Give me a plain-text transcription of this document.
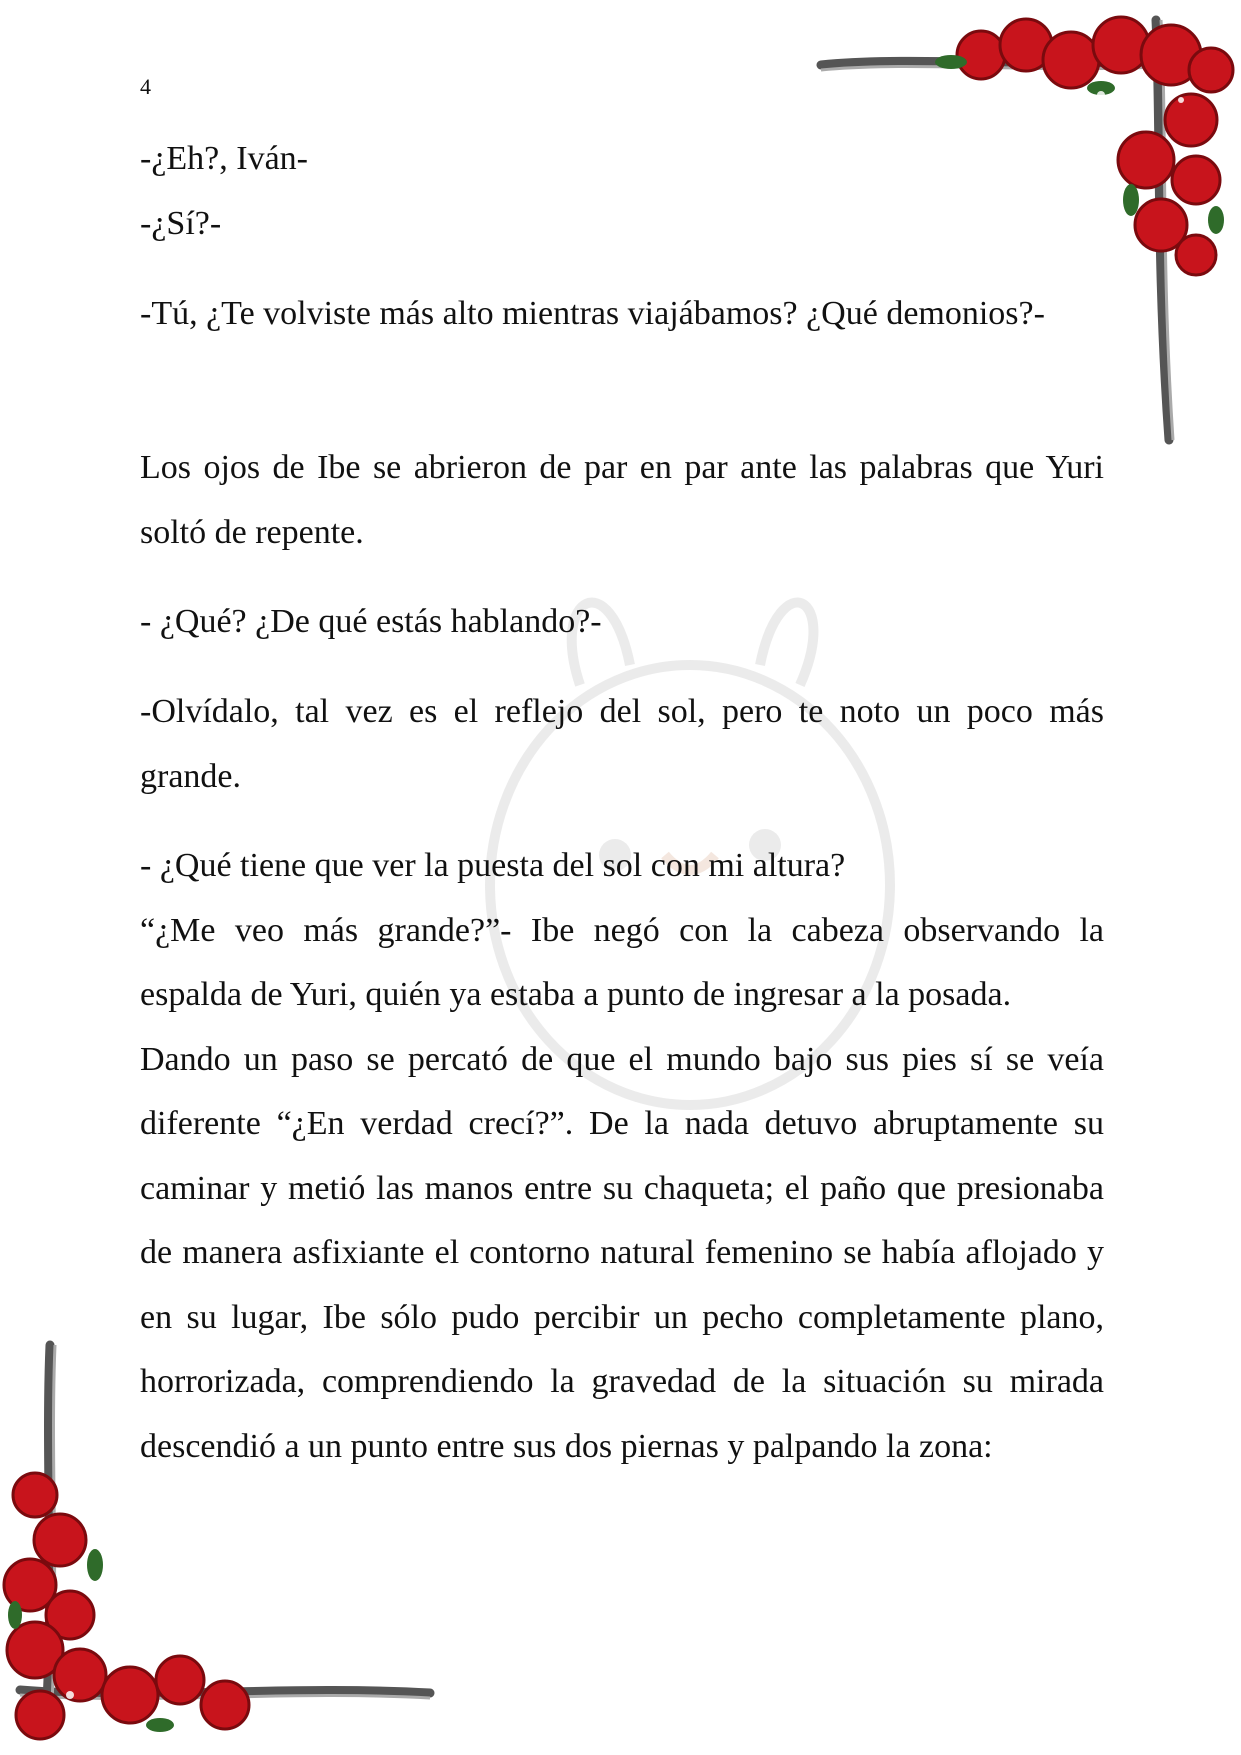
4

-¿Eh?, Iván-

-¿Sí?-

-Tú, ¿Te volviste más alto mientras viajábamos? ¿Qué demonios?-

Los ojos de Ibe se abrieron de par en par ante las palabras que Yuri soltó de repente.

- ¿Qué? ¿De qué estás hablando?-

-Olvídalo, tal vez es el reflejo del sol, pero te noto un poco más grande.

- ¿Qué tiene que ver la puesta del sol con mi altura?

“¿Me veo más grande?”- Ibe negó con la cabeza observando la espalda de Yuri, quién ya estaba a punto de ingresar a la posada.

Dando un paso se percató de que el mundo bajo sus pies sí se veía diferente “¿En verdad crecí?”. De la nada detuvo abruptamente su caminar y metió las manos entre su chaqueta; el paño que presionaba de manera asfixiante el contorno natural femenino se había aflojado y en su lugar, Ibe sólo pudo percibir un pecho completamente plano, horrorizada, comprendiendo la gravedad de la situación su mirada descendió a un punto entre sus dos piernas y palpando la zona:
